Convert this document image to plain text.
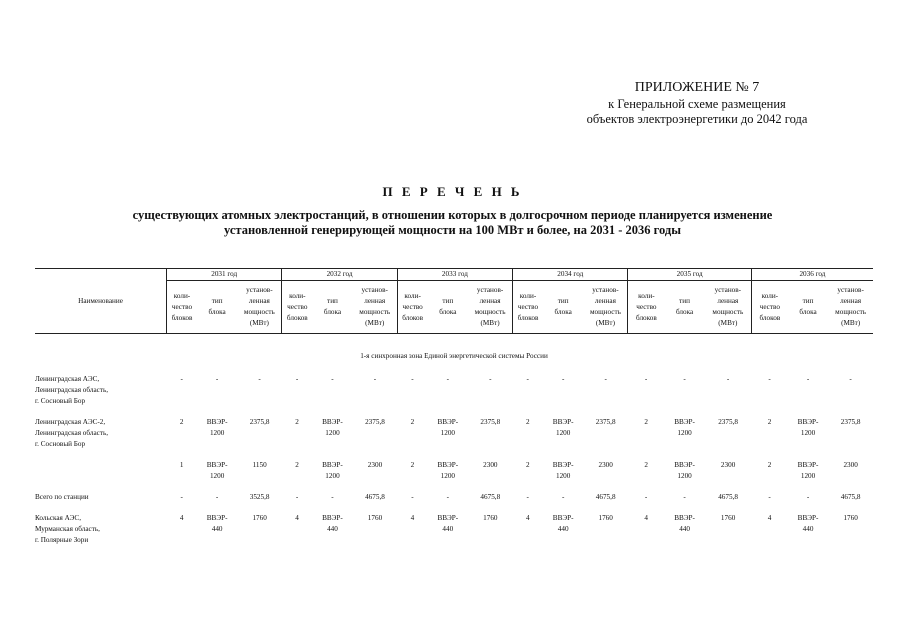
ПРИЛОЖЕНИЕ № 7
к Генеральной схеме размещения
объектов электроэнергетики до 2042 года
П Е Р Е Ч Е Н Ь
существующих атомных электростанций, в отношении которых в долгосрочном периоде планируется изменение
установленной генерирующей мощности на 100 МВт и более, на 2031 - 2036 годы
Наименование	2031 год			2032 год			2033 год			2034 год			2035 год			2036 год		
	коли-
чество
блоков	тип
блока	установ-
ленная
мощность
(МВт)	коли-
чество
блоков	тип
блока	установ-
ленная
мощность
(МВт)	коли-
чество
блоков	тип
блока	установ-
ленная
мощность
(МВт)	коли-
чество
блоков	тип
блока	установ-
ленная
мощность
(МВт)	коли-
чество
блоков	тип
блока	установ-
ленная
мощность
(МВт)	коли-
чество
блоков	тип
блока	установ-
ленная
мощность
(МВт)
1-я синхронная зона Единой энергетической системы России																		
Ленинградская АЭС,
Ленинградская область,
г. Сосновый Бор	-	-	-	-	-	-	-	-	-	-	-	-	-	-	-	-	-	-

Ленинградская АЭС-2,
Ленинградская область,
г. Сосновый Бор	2	ВВЭР-
1200	2375,8	2	ВВЭР-
1200	2375,8	2	ВВЭР-
1200	2375,8	2	ВВЭР-
1200	2375,8	2	ВВЭР-
1200	2375,8	2	ВВЭР-
1200	2375,8

	1	ВВЭР-
1200	1150	2	ВВЭР-
1200	2300	2	ВВЭР-
1200	2300	2	ВВЭР-
1200	2300	2	ВВЭР-
1200	2300	2	ВВЭР-
1200	2300

Всего по станции	-	-	3525,8	-	-	4675,8	-	-	4675,8	-	-	4675,8	-	-	4675,8	-	-	4675,8

Кольская АЭС,
Мурманская область,
г. Полярные Зори	4	ВВЭР-
440	1760	4	ВВЭР-
440	1760	4	ВВЭР-
440	1760	4	ВВЭР-
440	1760	4	ВВЭР-
440	1760	4	ВВЭР-
440	1760
